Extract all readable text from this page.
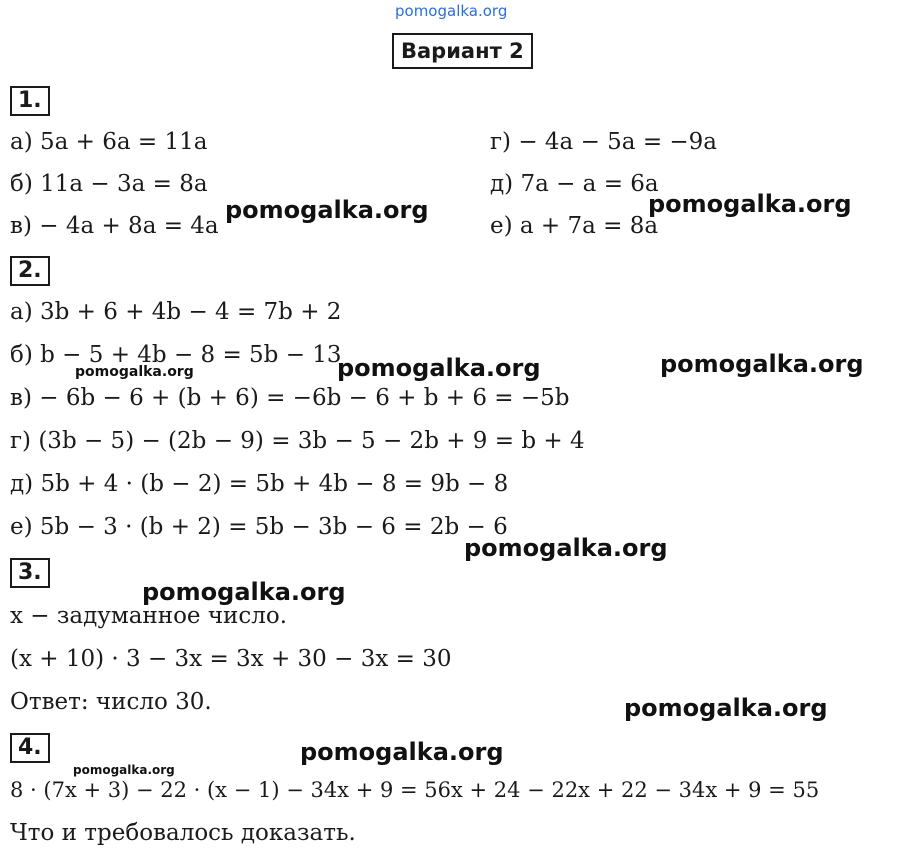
pomogalka.org
Вариант 2
1.
а) 5a + 6a = 11a
б) 11a − 3a = 8a
в) − 4a + 8a = 4a
г) − 4a − 5a = −9a
д) 7a − a = 6a
е) a + 7a = 8a
2.
а) 3b + 6 + 4b − 4 = 7b + 2
б) b − 5 + 4b − 8 = 5b − 13
в) − 6b − 6 + (b + 6) = −6b − 6 + b + 6 = −5b
г) (3b − 5) − (2b − 9) = 3b − 5 − 2b + 9 = b + 4
д) 5b + 4 · (b − 2) = 5b + 4b − 8 = 9b − 8
е) 5b − 3 · (b + 2) = 5b − 3b − 6 = 2b − 6
3.
x − задуманное число.
(x + 10) · 3 − 3x = 3x + 30 − 3x = 30
Ответ: число 30.
4.
8 · (7x + 3) − 22 · (x − 1) − 34x + 9 = 56x + 24 − 22x + 22 − 34x + 9 = 55
Что и требовалось доказать.
pomogalka.org	pomogalka.org
pomogalka.org	pomogalka.org
pomogalka.org
pomogalka.org
pomogalka.org
pomogalka.org
pomogalka.org
pomogalka.org
